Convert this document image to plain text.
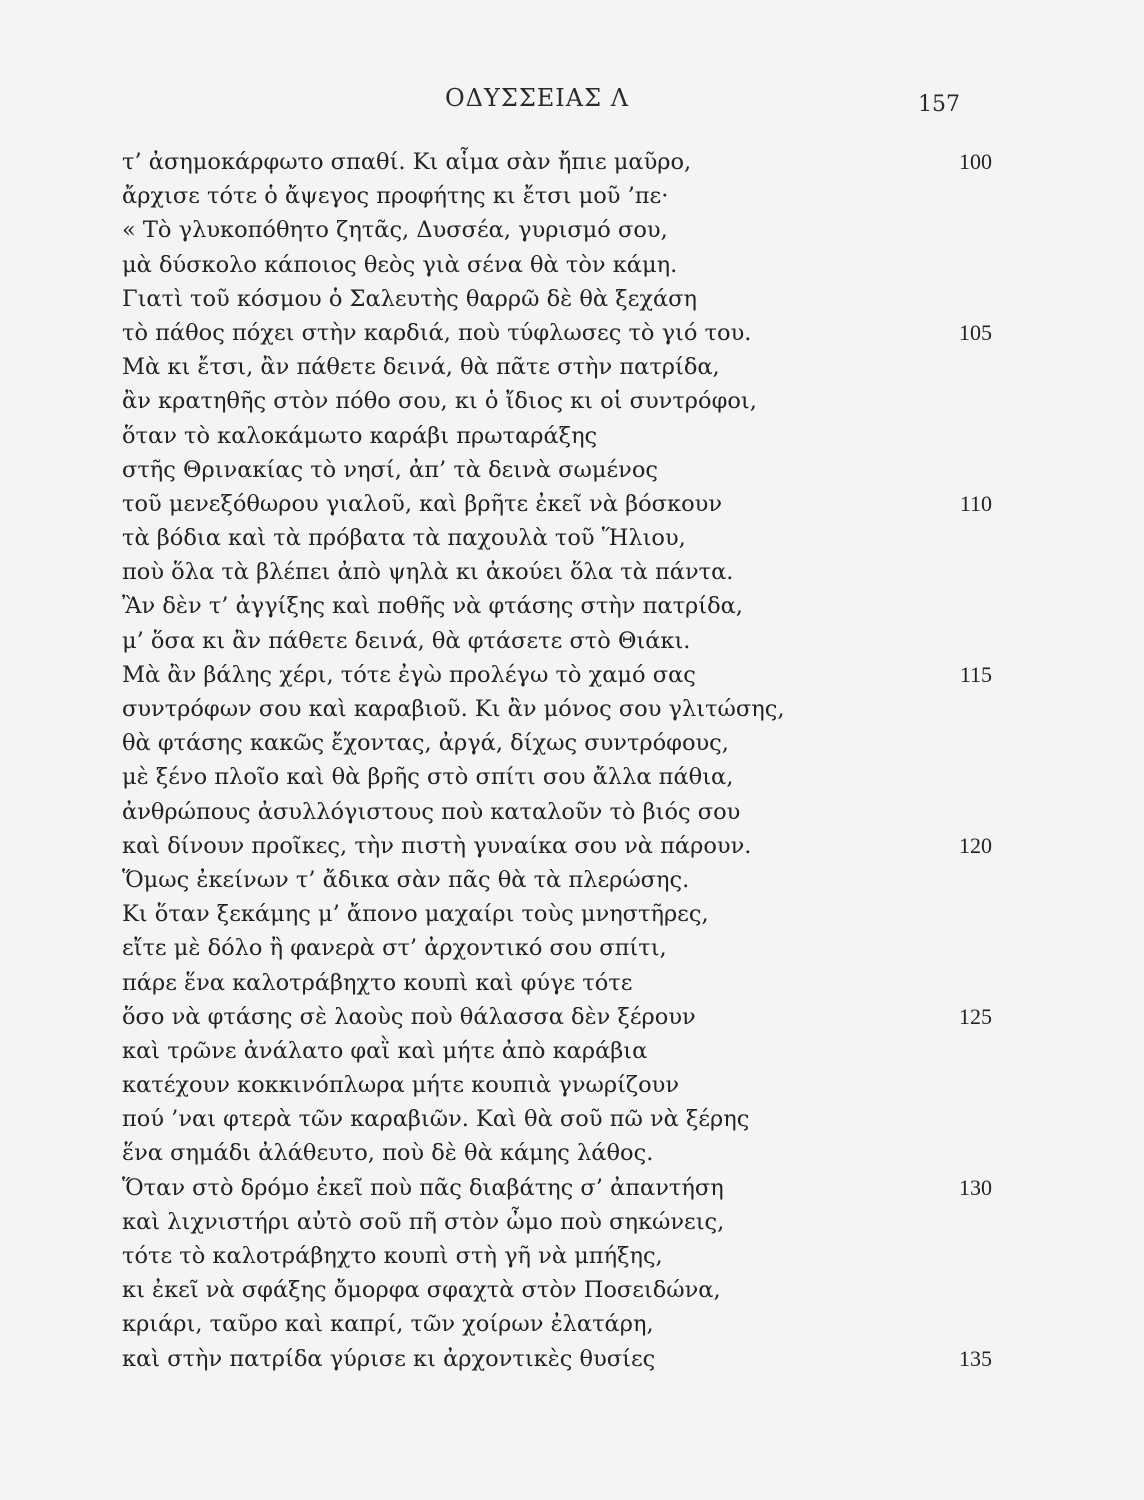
ΟΔΥΣΣΕΙΑΣ Λ	157
τ’ ἀσημοκάρφωτο σπαθί. Κι αἷμα σὰν ἤπιε μαῦρο,	100
ἄρχισε τότε ὁ ἄψεγος προφήτης κι ἔτσι μοῦ ’πε·
« Τὸ γλυκοπόθητο ζητᾶς, Δυσσέα, γυρισμό σου,
μὰ δύσκολο κάποιος θεὸς γιὰ σένα θὰ τὸν κάμη.
Γιατὶ τοῦ κόσμου ὁ Σαλευτὴς θαρρῶ δὲ θὰ ξεχάση
τὸ πάθος πόχει στὴν καρδιά, ποὺ τύφλωσες τὸ γιό του.	105
Μὰ κι ἔτσι, ἂν πάθετε δεινά, θὰ πᾶτε στὴν πατρίδα,
ἂν κρατηθῆς στὸν πόθο σου, κι ὁ ἴδιος κι οἱ συντρόφοι,
ὅταν τὸ καλοκάμωτο καράβι πρωταράξης
στῆς Θρινακίας τὸ νησί, ἀπ’ τὰ δεινὰ σωμένος
τοῦ μενεξόθωρου γιαλοῦ, καὶ βρῆτε ἐκεῖ νὰ βόσκουν	110
τὰ βόδια καὶ τὰ πρόβατα τὰ παχουλὰ τοῦ Ἥλιου,
ποὺ ὅλα τὰ βλέπει ἀπὸ ψηλὰ κι ἀκούει ὅλα τὰ πάντα.
Ἂν δὲν τ’ ἀγγίξης καὶ ποθῆς νὰ φτάσης στὴν πατρίδα,
μ’ ὅσα κι ἂν πάθετε δεινά, θὰ φτάσετε στὸ Θιάκι.
Μὰ ἂν βάλης χέρι, τότε ἐγὼ προλέγω τὸ χαμό σας	115
συντρόφων σου καὶ καραβιοῦ. Κι ἂν μόνος σου γλιτώσης,
θὰ φτάσης κακῶς ἔχοντας, ἀργά, δίχως συντρόφους,
μὲ ξένο πλοῖο καὶ θὰ βρῆς στὸ σπίτι σου ἄλλα πάθια,
ἀνθρώπους ἀσυλλόγιστους ποὺ καταλοῦν τὸ βιός σου
καὶ δίνουν προῖκες, τὴν πιστὴ γυναίκα σου νὰ πάρουν.	120
Ὅμως ἐκείνων τ’ ἄδικα σὰν πᾶς θὰ τὰ πλερώσης.
Κι ὅταν ξεκάμης μ’ ἄπονο μαχαίρι τοὺς μνηστῆρες,
εἴτε μὲ δόλο ἢ φανερὰ στ’ ἀρχοντικό σου σπίτι,
πάρε ἕνα καλοτράβηχτο κουπὶ καὶ φύγε τότε
ὅσο νὰ φτάσης σὲ λαοὺς ποὺ θάλασσα δὲν ξέρουν	125
καὶ τρῶνε ἀνάλατο φαῒ καὶ μήτε ἀπὸ καράβια
κατέχουν κοκκινόπλωρα μήτε κουπιὰ γνωρίζουν
πού ’ναι φτερὰ τῶν καραβιῶν. Καὶ θὰ σοῦ πῶ νὰ ξέρης
ἕνα σημάδι ἀλάθευτο, ποὺ δὲ θὰ κάμης λάθος.
Ὅταν στὸ δρόμο ἐκεῖ ποὺ πᾶς διαβάτης σ’ ἀπαντήση	130
καὶ λιχνιστήρι αὐτὸ σοῦ πῆ στὸν ὦμο ποὺ σηκώνεις,
τότε τὸ καλοτράβηχτο κουπὶ στὴ γῆ νὰ μπήξης,
κι ἐκεῖ νὰ σφάξης ὄμορφα σφαχτὰ στὸν Ποσειδώνα,
κριάρι, ταῦρο καὶ καπρί, τῶν χοίρων ἐλατάρη,
καὶ στὴν πατρίδα γύρισε κι ἀρχοντικὲς θυσίες	135
